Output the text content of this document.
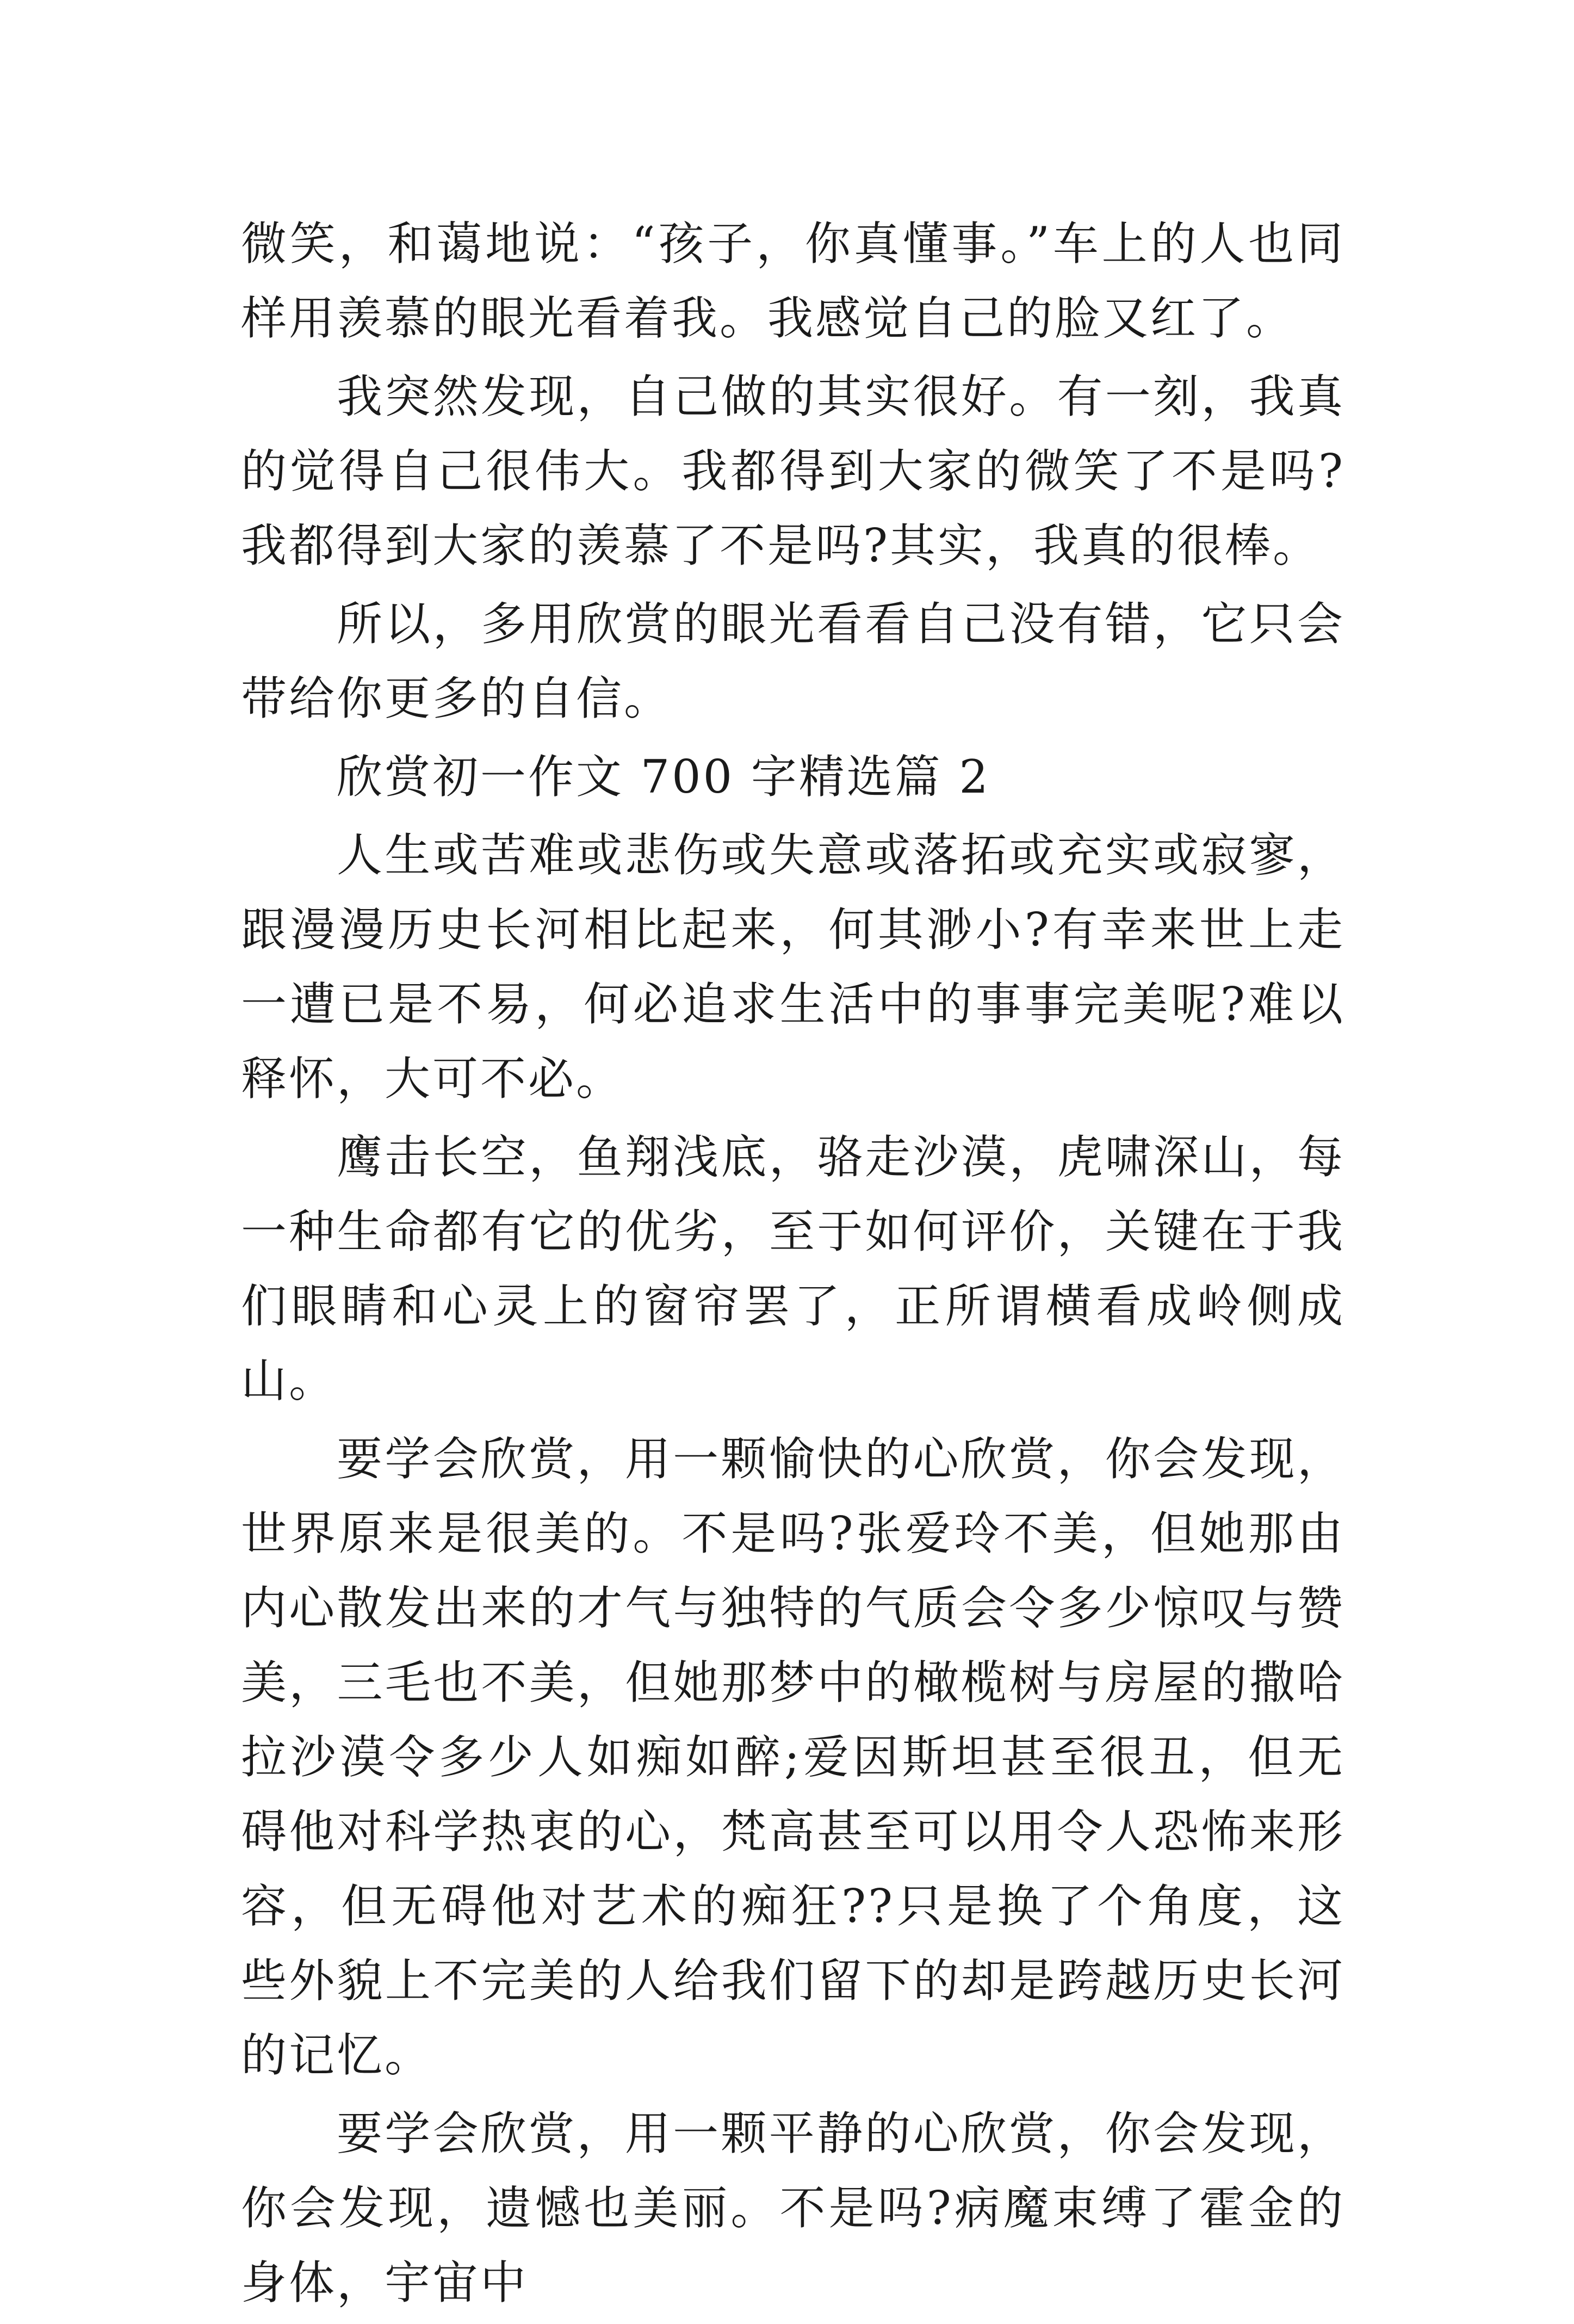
微笑，和蔼地说：“孩子，你真懂事。”车上的人也同样用羡慕的眼光看着我。我感觉自己的脸又红了。

我突然发现，自己做的其实很好。有一刻，我真的觉得自己很伟大。我都得到大家的微笑了不是吗?我都得到大家的羡慕了不是吗?其实，我真的很棒。

所以，多用欣赏的眼光看看自己没有错，它只会带给你更多的自信。

欣赏初一作文 700 字精选篇 2

人生或苦难或悲伤或失意或落拓或充实或寂寥，跟漫漫历史长河相比起来，何其渺小?有幸来世上走一遭已是不易，何必追求生活中的事事完美呢?难以释怀，大可不必。

鹰击长空，鱼翔浅底，骆走沙漠，虎啸深山，每一种生命都有它的优劣，至于如何评价，关键在于我们眼睛和心灵上的窗帘罢了，正所谓横看成岭侧成山。

要学会欣赏，用一颗愉快的心欣赏，你会发现，世界原来是很美的。不是吗?张爱玲不美，但她那由内心散发出来的才气与独特的气质会令多少惊叹与赞美，三毛也不美，但她那梦中的橄榄树与房屋的撒哈拉沙漠令多少人如痴如醉;爱因斯坦甚至很丑，但无碍他对科学热衷的心，梵高甚至可以用令人恐怖来形容，但无碍他对艺术的痴狂??只是换了个角度，这些外貌上不完美的人给我们留下的却是跨越历史长河的记忆。

要学会欣赏，用一颗平静的心欣赏，你会发现，你会发现，遗憾也美丽。不是吗?病魔束缚了霍金的身体，宇宙中
